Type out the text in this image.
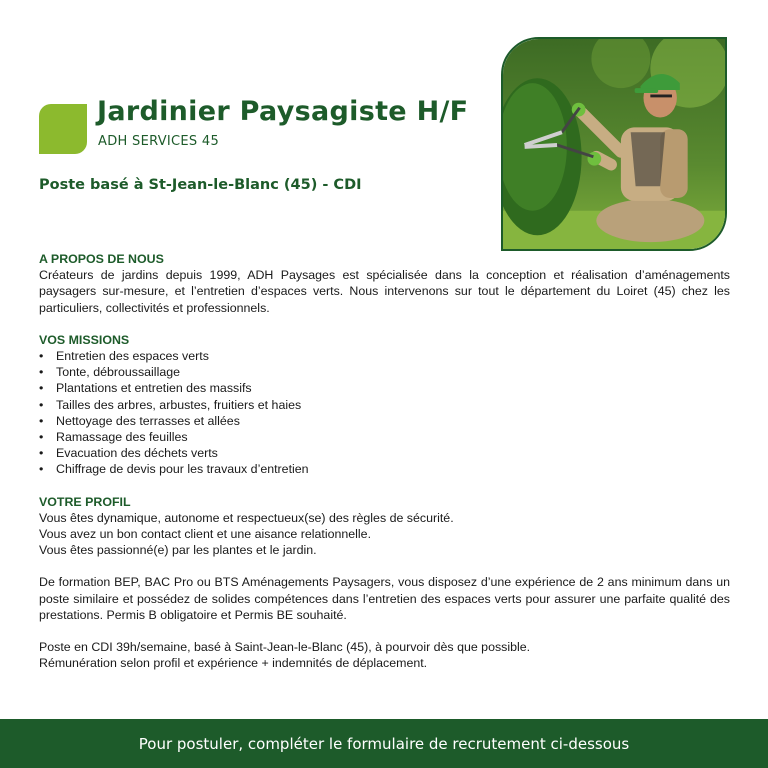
Jardinier Paysagiste H/F
ADH SERVICES 45
Poste basé à St-Jean-le-Blanc (45) - CDI

A PROPOS DE NOUS

Créateurs de jardins depuis 1999, ADH Paysages est spécialisée dans la conception et réalisation d’aménagements paysagers sur-mesure, et l’entretien d’espaces verts. Nous intervenons sur tout le département du Loiret (45) chez les particuliers, collectivités et professionnels.

VOS MISSIONS

• Entretien des espaces verts
• Tonte, débroussaillage
• Plantations et entretien des massifs
• Tailles des arbres, arbustes, fruitiers et haies
• Nettoyage des terrasses et allées
• Ramassage des feuilles
• Evacuation des déchets verts
• Chiffrage de devis pour les travaux d’entretien

VOTRE PROFIL

Vous êtes dynamique, autonome et respectueux(se) des règles de sécurité.

Vous avez un bon contact client et une aisance relationnelle.

Vous êtes passionné(e) par les plantes et le jardin.

De formation BEP, BAC Pro ou BTS Aménagements Paysagers, vous disposez d’une expérience de 2 ans minimum dans un poste similaire et possédez de solides compétences dans l’entretien des espaces verts pour assurer une parfaite qualité des prestations. Permis B obligatoire et Permis BE souhaité.

Poste en CDI 39h/semaine, basé à Saint-Jean-le-Blanc (45), à pourvoir dès que possible.

Rémunération selon profil et expérience + indemnités de déplacement.

Pour postuler, compléter le formulaire de recrutement ci-dessous
